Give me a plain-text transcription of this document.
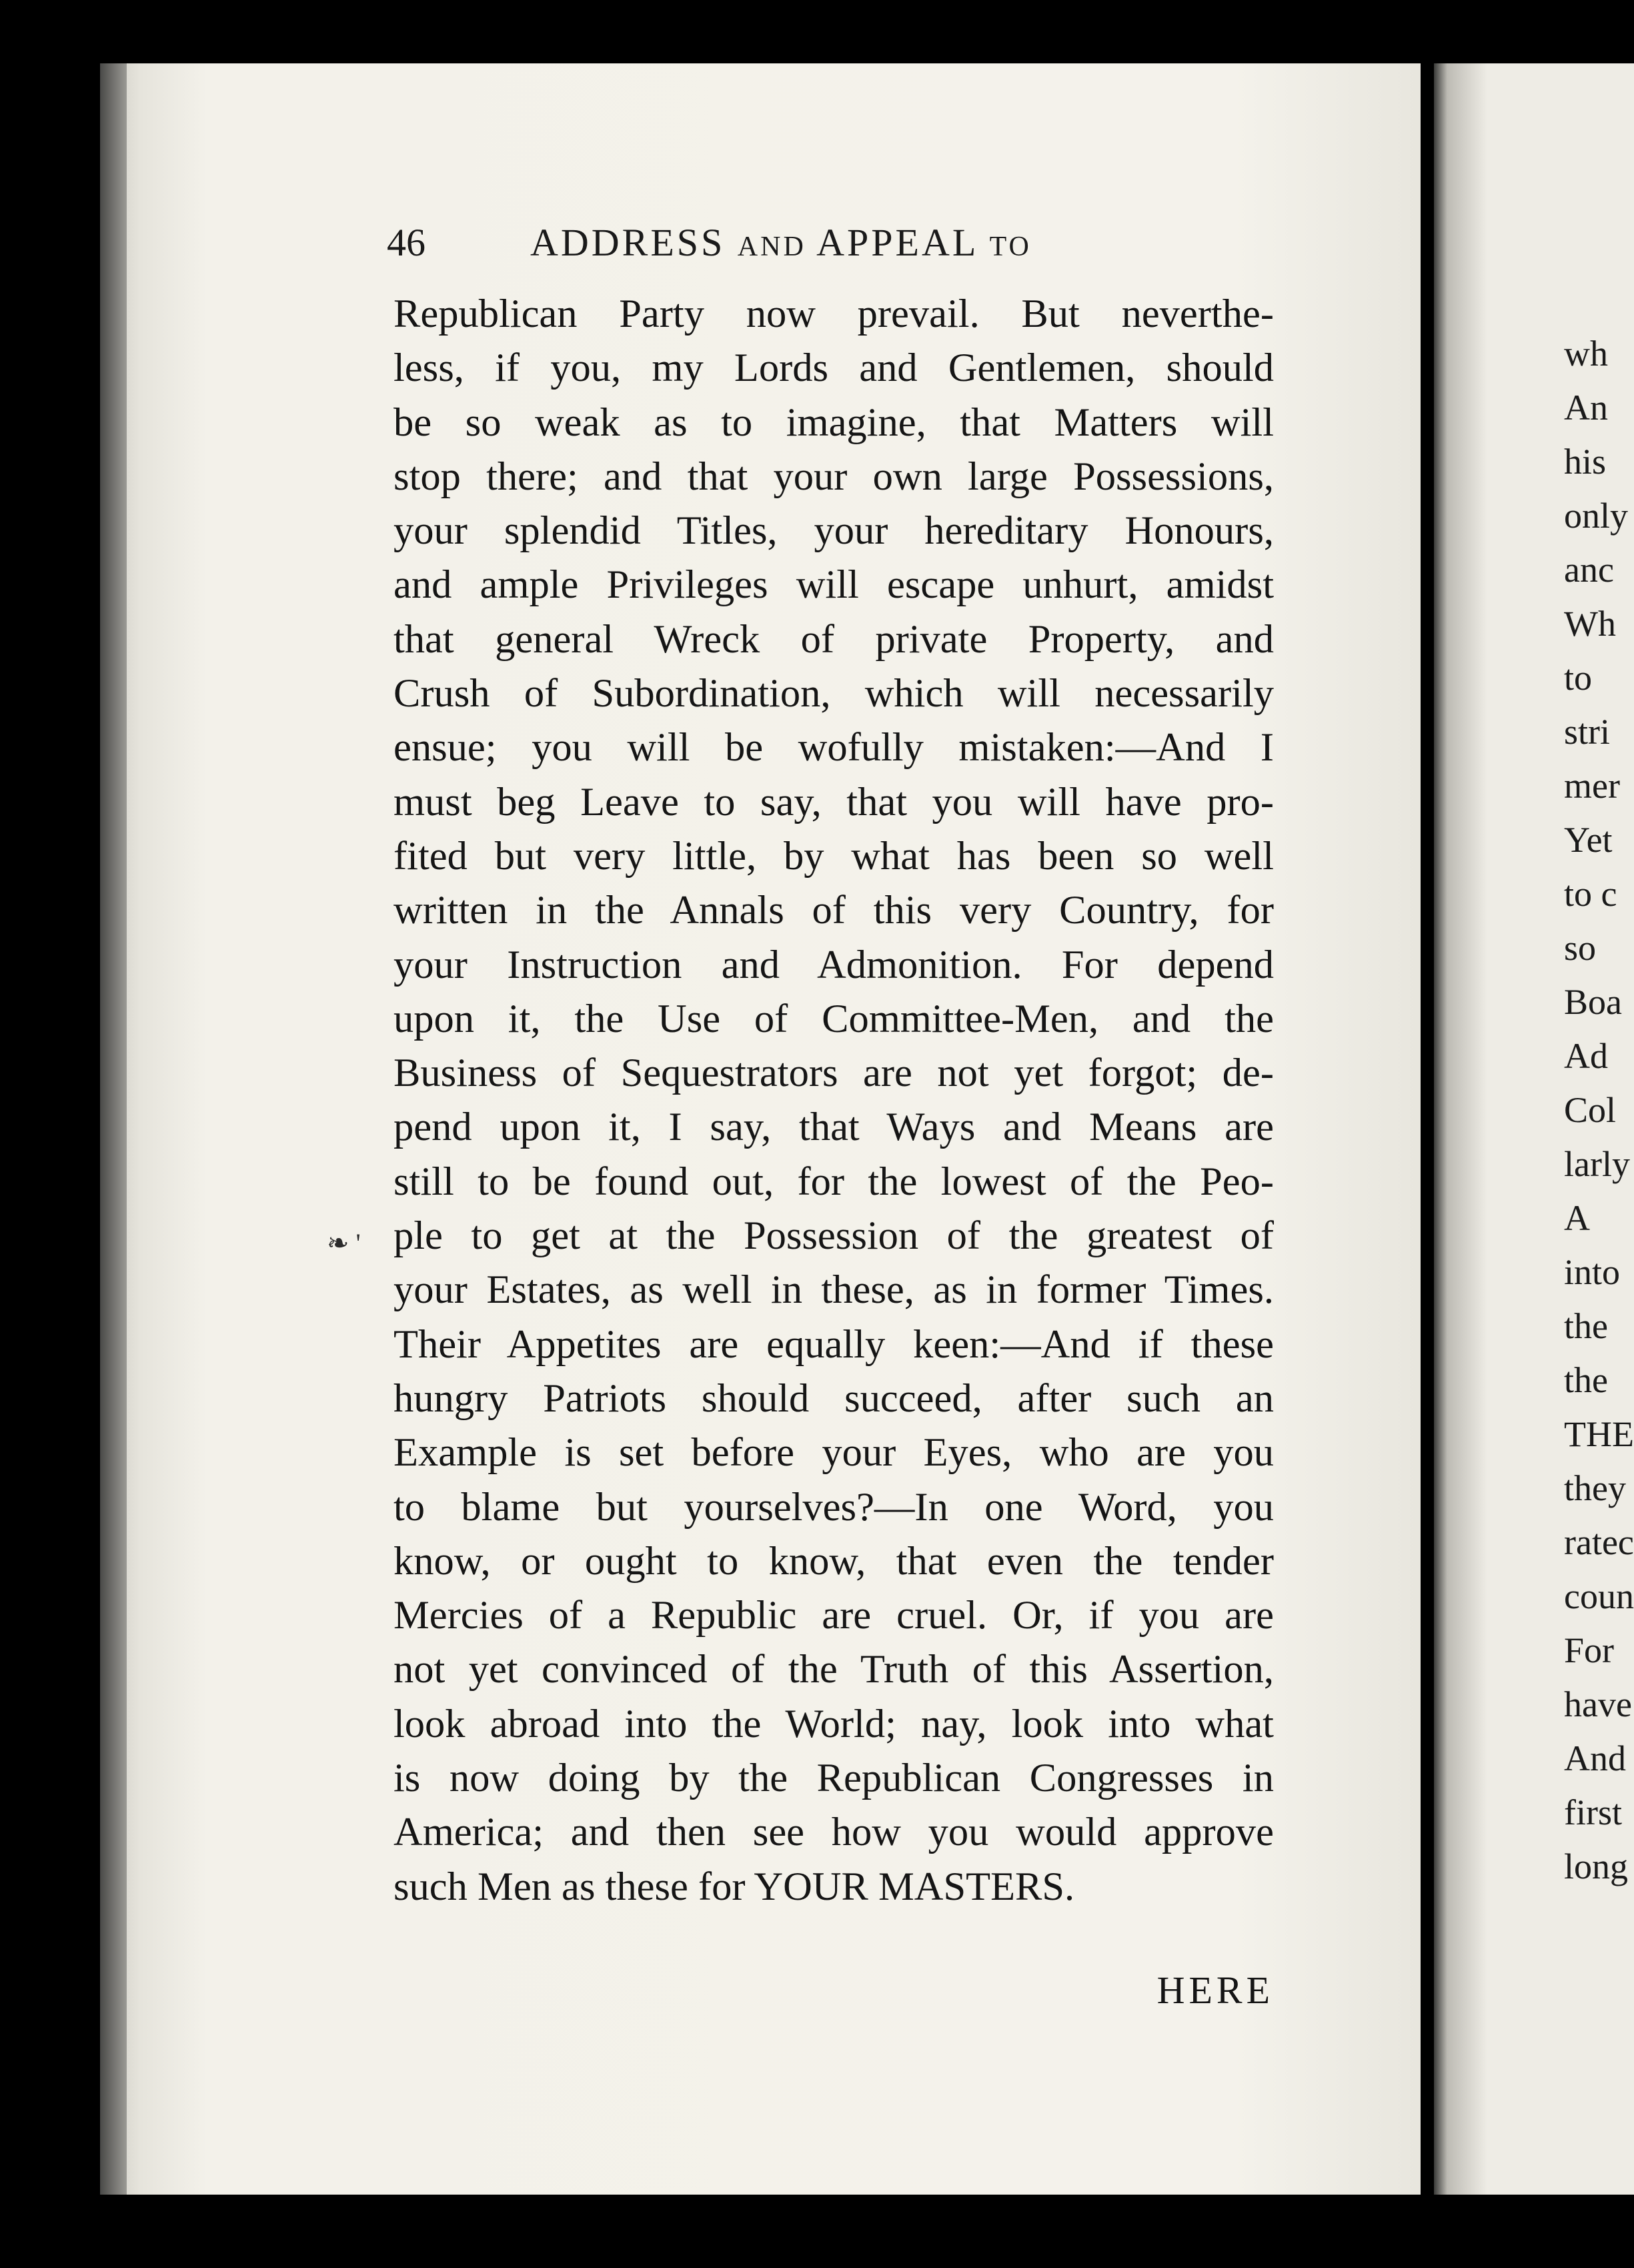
46	ADDRESS AND APPEAL TO
❧ '
Republican Party now prevail. But neverthe-
less, if you, my Lords and Gentlemen, should
be so weak as to imagine, that Matters will
stop there; and that your own large Possessions,
your splendid Titles, your hereditary Honours,
and ample Privileges will escape unhurt, amidst
that general Wreck of private Property, and
Crush of Subordination, which will necessarily
ensue; you will be wofully mistaken:—And I
must beg Leave to say, that you will have pro-
fited but very little, by what has been so well
written in the Annals of this very Country, for
your Instruction and Admonition. For depend
upon it, the Use of Committee-Men, and the
Business of Sequestrators are not yet forgot; de-
pend upon it, I say, that Ways and Means are
still to be found out, for the lowest of the Peo-
ple to get at the Possession of the greatest of
your Estates, as well in these, as in former Times.
Their Appetites are equally keen:—And if these
hungry Patriots should succeed, after such an
Example is set before your Eyes, who are you
to blame but yourselves?—In one Word, you
know, or ought to know, that even the tender
Mercies of a Republic are cruel. Or, if you are
not yet convinced of the Truth of this Assertion,
look abroad into the World; nay, look into what
is now doing by the Republican Congresses in
America; and then see how you would approve
such Men as these for YOUR MASTERS.
HERE
wh
An
his
only
anc
Wh
to
stri
mer
Yet
to c
so
Boa
Ad
Col
larly
A
into
the
the
THE
they
ratec
coun
For
have
And
first
long
